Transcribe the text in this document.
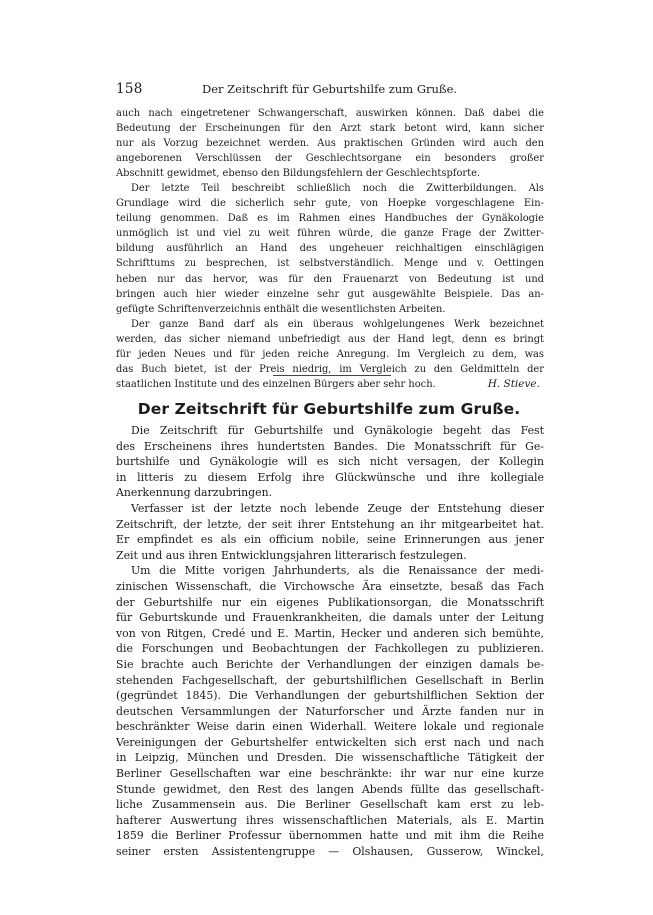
158	Der Zeitschrift für Geburtshilfe zum Gruße.

auch nach eingetretener Schwangerschaft, auswirken können. Daß dabei die

Bedeutung der Erscheinungen für den Arzt stark betont wird, kann sicher

nur als Vorzug bezeichnet werden. Aus praktischen Gründen wird auch den

angeborenen Verschlüssen der Geschlechtsorgane ein besonders großer

Abschnitt gewidmet, ebenso den Bildungsfehlern der Geschlechtspforte.

Der letzte Teil beschreibt schließlich noch die Zwitterbildungen. Als

Grundlage wird die sicherlich sehr gute, von Hoepke vorgeschlagene Ein-

teilung genommen. Daß es im Rahmen eines Handbuches der Gynäkologie

unmöglich ist und viel zu weit führen würde, die ganze Frage der Zwitter-

bildung ausführlich an Hand des ungeheuer reichhaltigen einschlägigen

Schrifttums zu besprechen, ist selbstverständlich. Menge und v. Oettingen

heben nur das hervor, was für den Frauenarzt von Bedeutung ist und

bringen auch hier wieder einzelne sehr gut ausgewählte Beispiele. Das an-

gefügte Schriftenverzeichnis enthält die wesentlichsten Arbeiten.

Der ganze Band darf als ein überaus wohlgelungenes Werk bezeichnet

werden, das sicher niemand unbefriedigt aus der Hand legt, denn es bringt

für jeden Neues und für jeden reiche Anregung. Im Vergleich zu dem, was

das Buch bietet, ist der Preis niedrig, im Vergleich zu den Geldmitteln der

staatlichen Institute und des einzelnen Bürgers aber sehr hoch.	H. Stieve.
Der Zeitschrift für Geburtshilfe zum Gruße.

Die Zeitschrift für Geburtshilfe und Gynäkologie begeht das Fest

des Erscheinens ihres hundertsten Bandes. Die Monatsschrift für Ge-

burtshilfe und Gynäkologie will es sich nicht versagen, der Kollegin

in litteris zu diesem Erfolg ihre Glückwünsche und ihre kollegiale

Anerkennung darzubringen.

Verfasser ist der letzte noch lebende Zeuge der Entstehung dieser

Zeitschrift, der letzte, der seit ihrer Entstehung an ihr mitgearbeitet hat.

Er empfindet es als ein officium nobile, seine Erinnerungen aus jener

Zeit und aus ihren Entwicklungsjahren litterarisch festzulegen.

Um die Mitte vorigen Jahrhunderts, als die Renaissance der medi-

zinischen Wissenschaft, die Virchowsche Ära einsetzte, besaß das Fach

der Geburtshilfe nur ein eigenes Publikationsorgan, die Monatsschrift

für Geburtskunde und Frauenkrankheiten, die damals unter der Leitung

von von Ritgen, Credé und E. Martin, Hecker und anderen sich bemühte,

die Forschungen und Beobachtungen der Fachkollegen zu publizieren.

Sie brachte auch Berichte der Verhandlungen der einzigen damals be-

stehenden Fachgesellschaft, der geburtshilflichen Gesellschaft in Berlin

(gegründet 1845). Die Verhandlungen der geburtshilflichen Sektion der

deutschen Versammlungen der Naturforscher und Ärzte fanden nur in

beschränkter Weise darin einen Widerhall. Weitere lokale und regionale

Vereinigungen der Geburtshelfer entwickelten sich erst nach und nach

in Leipzig, München und Dresden. Die wissenschaftliche Tätigkeit der

Berliner Gesellschaften war eine beschränkte: ihr war nur eine kurze

Stunde gewidmet, den Rest des langen Abends füllte das gesellschaft-

liche Zusammensein aus. Die Berliner Gesellschaft kam erst zu leb-

hafterer Auswertung ihres wissenschaftlichen Materials, als E. Martin

1859 die Berliner Professur übernommen hatte und mit ihm die Reihe

seiner ersten Assistentengruppe — Olshausen, Gusserow, Winckel,
